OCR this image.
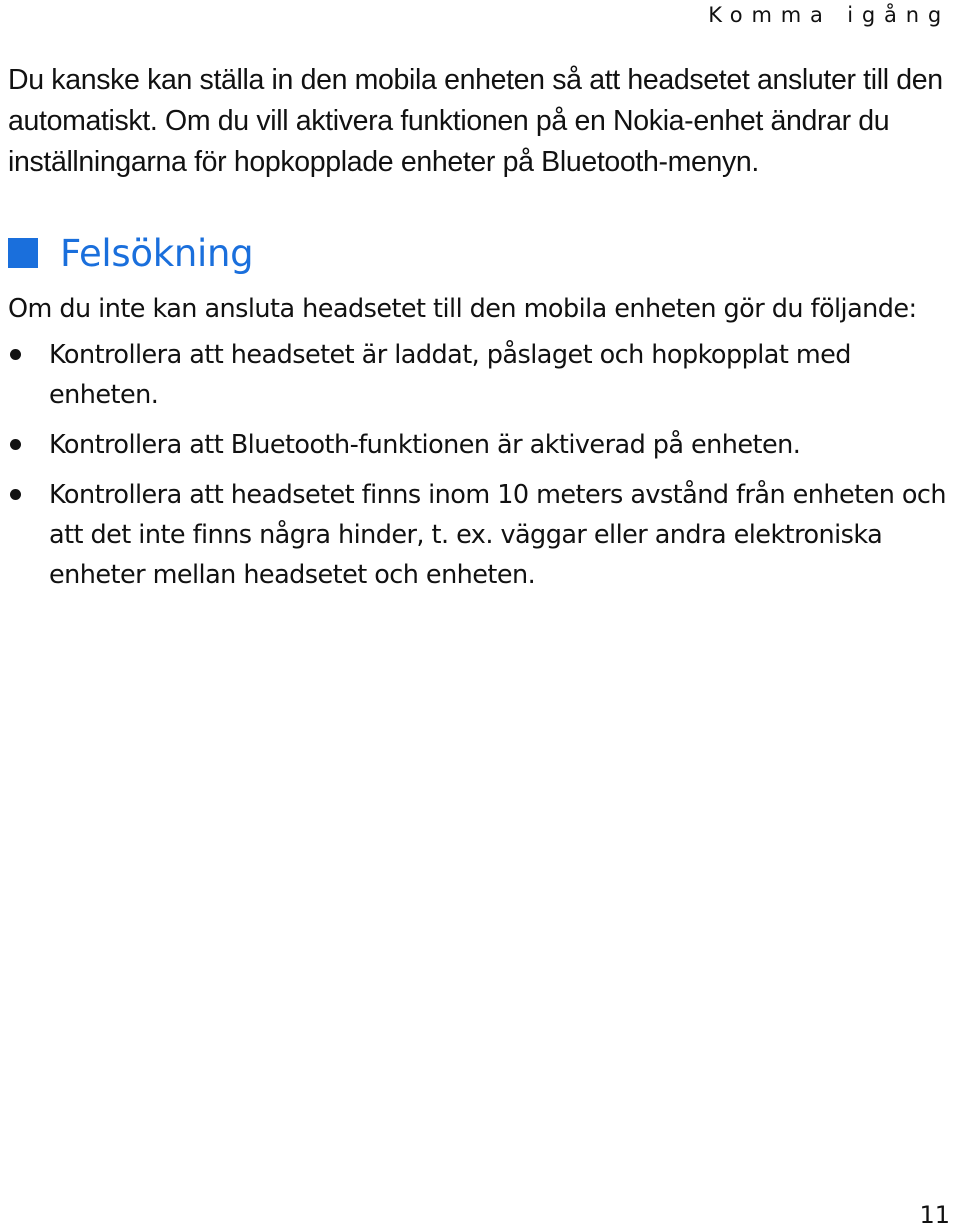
Komma igång

Du kanske kan ställa in den mobila enheten så att headsetet ansluter till den automatiskt. Om du vill aktivera funktionen på en Nokia-enhet ändrar du inställningarna för hopkopplade enheter på Bluetooth-menyn.

Felsökning

Om du inte kan ansluta headsetet till den mobila enheten gör du följande:

Kontrollera att headsetet är laddat, påslaget och hopkopplat med enheten.
Kontrollera att Bluetooth-funktionen är aktiverad på enheten.
Kontrollera att headsetet finns inom 10 meters avstånd från enheten och att det inte finns några hinder, t. ex. väggar eller andra elektroniska enheter mellan headsetet och enheten.
11
